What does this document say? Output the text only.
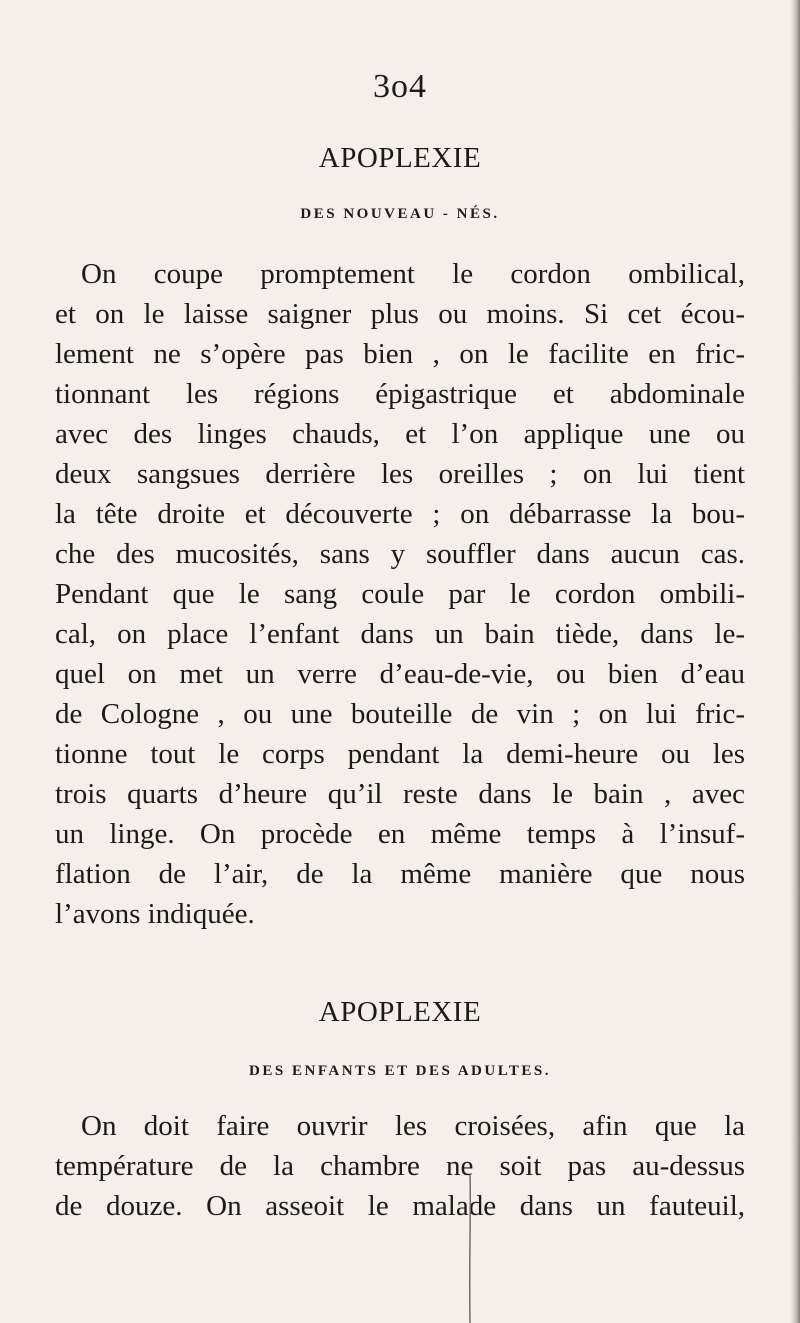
3o4
APOPLEXIE
DES NOUVEAU - NÉS.
On coupe promptement le cordon ombilical,
et on le laisse saigner plus ou moins. Si cet écou-
lement ne s’opère pas bien , on le facilite en fric-
tionnant les régions épigastrique et abdominale
avec des linges chauds, et l’on applique une ou
deux sangsues derrière les oreilles ; on lui tient
la tête droite et découverte ; on débarrasse la bou-
che des mucosités, sans y souffler dans aucun cas.
Pendant que le sang coule par le cordon ombili-
cal, on place l’enfant dans un bain tiède, dans le-
quel on met un verre d’eau-de-vie, ou bien d’eau
de Cologne , ou une bouteille de vin ; on lui fric-
tionne tout le corps pendant la demi-heure ou les
trois quarts d’heure qu’il reste dans le bain , avec
un linge. On procède en même temps à l’insuf-
flation de l’air, de la même manière que nous
l’avons indiquée.
APOPLEXIE
DES ENFANTS ET DES ADULTES.
On doit faire ouvrir les croisées, afin que la
température de la chambre ne soit pas au-dessus
de douze. On asseoit le malade dans un fauteuil,
